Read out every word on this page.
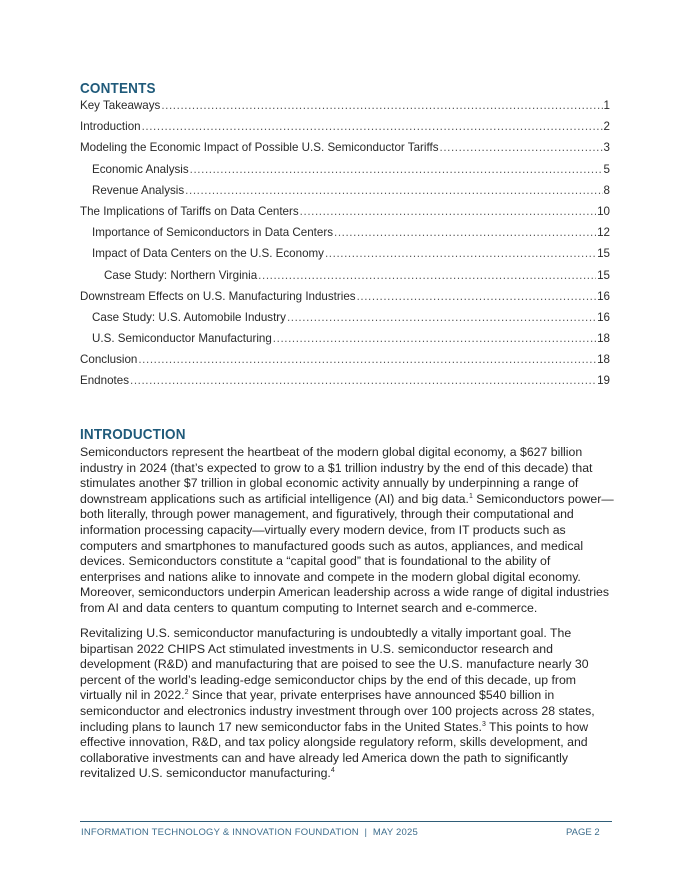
CONTENTS
Key Takeaways .....	1
Introduction .....	2
Modeling the Economic Impact of Possible U.S. Semiconductor Tariffs .....	3
Economic Analysis .....	5
Revenue Analysis .....	8
The Implications of Tariffs on Data Centers .....	10
Importance of Semiconductors in Data Centers .....	12
Impact of Data Centers on the U.S. Economy .....	15
Case Study: Northern Virginia .....	15
Downstream Effects on U.S. Manufacturing Industries .....	16
Case Study: U.S. Automobile Industry .....	16
U.S. Semiconductor Manufacturing .....	18
Conclusion .....	18
Endnotes .....	19
INTRODUCTION
Semiconductors represent the heartbeat of the modern global digital economy, a $627 billion
industry in 2024 (that’s expected to grow to a $1 trillion industry by the end of this decade) that
stimulates another $7 trillion in global economic activity annually by underpinning a range of
downstream applications such as artificial intelligence (AI) and big data.$^1$ Semiconductors power—
both literally, through power management, and figuratively, through their computational and
information processing capacity—virtually every modern device, from IT products such as
computers and smartphones to manufactured goods such as autos, appliances, and medical
devices. Semiconductors constitute a “capital good” that is foundational to the ability of
enterprises and nations alike to innovate and compete in the modern global digital economy.
Moreover, semiconductors underpin American leadership across a wide range of digital industries
from AI and data centers to quantum computing to Internet search and e-commerce.
Revitalizing U.S. semiconductor manufacturing is undoubtedly a vitally important goal. The
bipartisan 2022 CHIPS Act stimulated investments in U.S. semiconductor research and
development (R&D) and manufacturing that are poised to see the U.S. manufacture nearly 30
percent of the world’s leading-edge semiconductor chips by the end of this decade, up from
virtually nil in 2022.$^2$ Since that year, private enterprises have announced $540 billion in
semiconductor and electronics industry investment through over 100 projects across 28 states,
including plans to launch 17 new semiconductor fabs in the United States.$^3$ This points to how
effective innovation, R&D, and tax policy alongside regulatory reform, skills development, and
collaborative investments can and have already led America down the path to significantly
revitalized U.S. semiconductor manufacturing.$^4$
INFORMATION TECHNOLOGY & INNOVATION FOUNDATION  |  MAY 2025	PAGE 2
